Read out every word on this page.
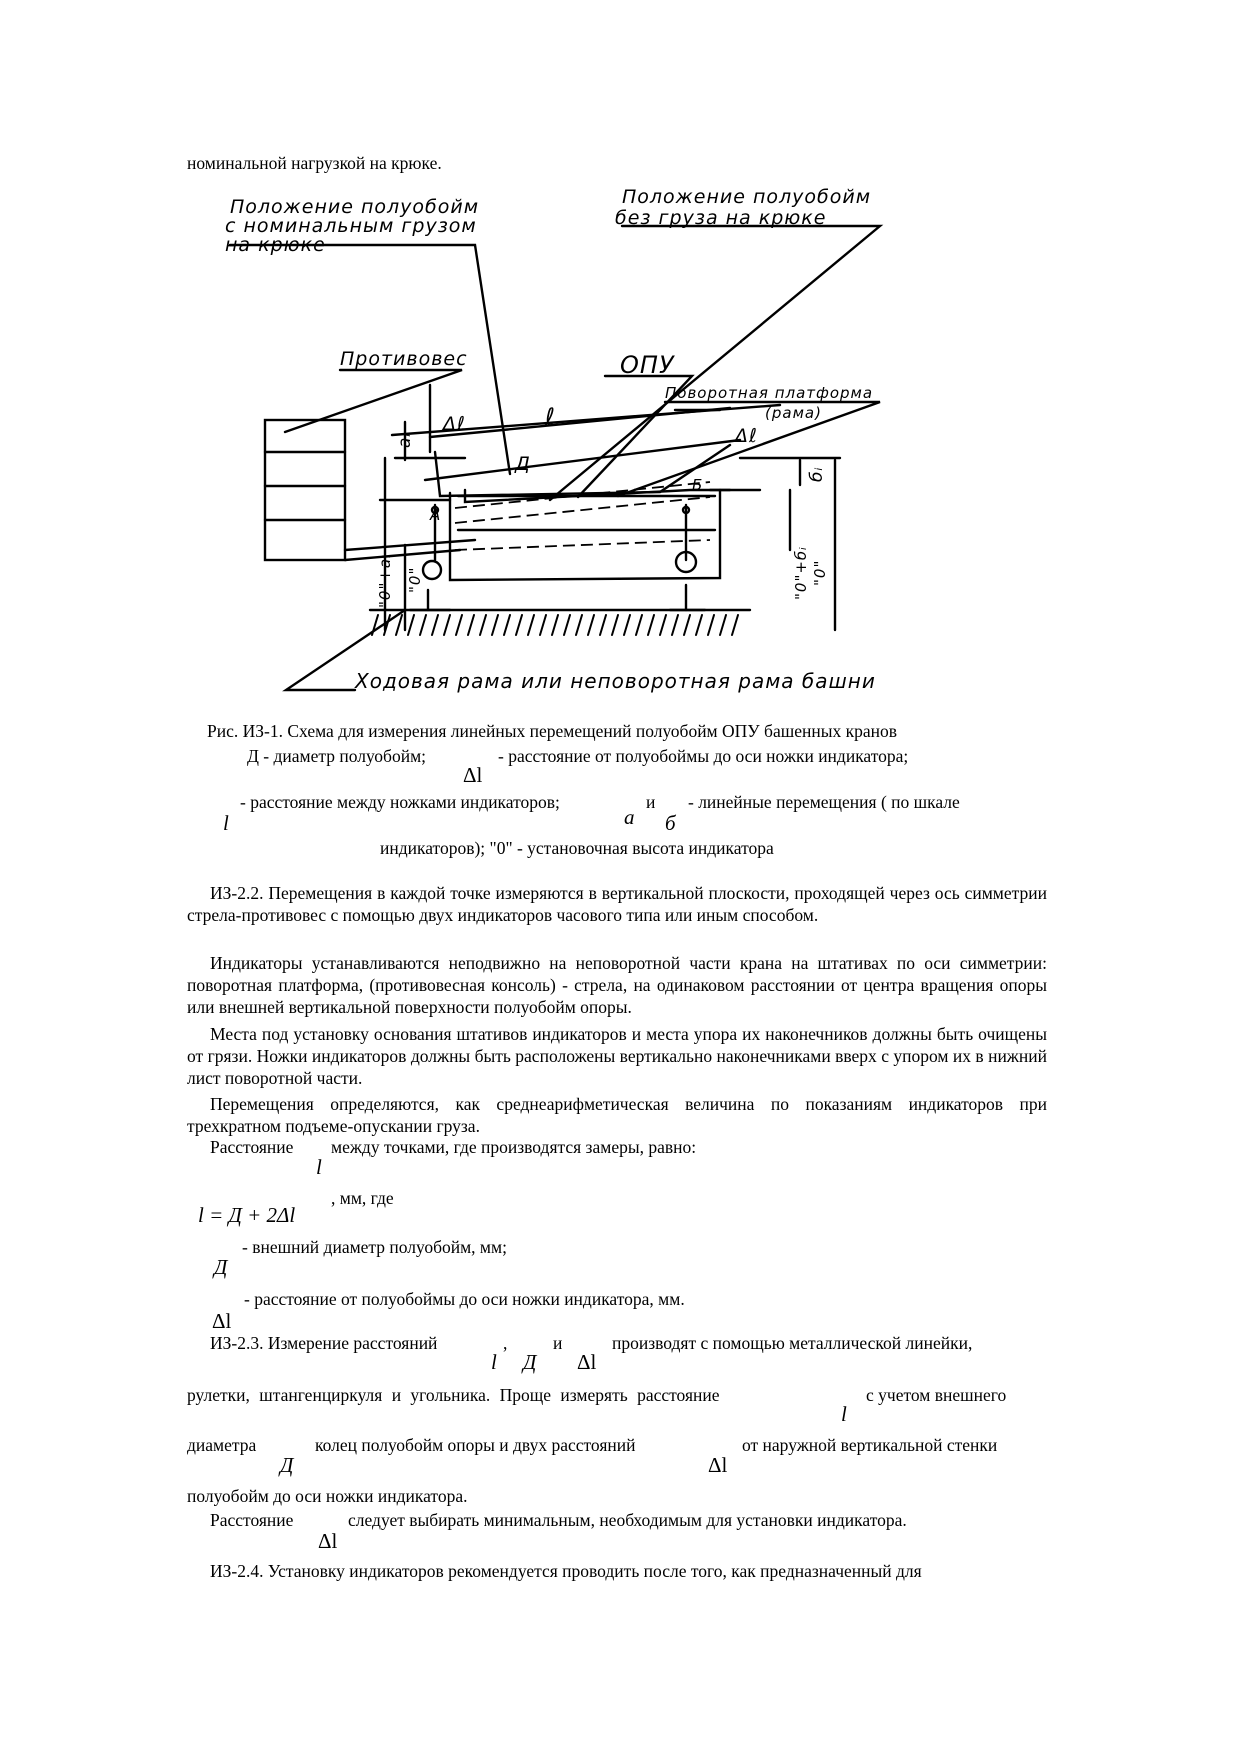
номинальной нагрузкой на крюке.
Положение полуобойм
с номинальным грузом
на крюке
Положение полуобойм
без груза на крюке
Противовес	ОПУ
Поворотная платформа
(рама)
Ходовая рама или неповоротная рама башни
Δℓ
Δℓ
ℓ
Д
А
Б
аᵢ
бᵢ
"0"	"0"
"0"+аᵢ	"0"+бᵢ
Рис. ИЗ-1. Схема для измерения линейных перемещений полуобойм ОПУ башенных кранов
Д - диаметр полуобойм;	- расстояние от полуобоймы до оси ножки индикатора;
Δl
- расстояние между ножками индикаторов;	и - линейные перемещения ( по шкале
l	a б
индикаторов); "0" - установочная высота индикатора
ИЗ-2.2. Перемещения в каждой точке измеряются в вертикальной плоскости, проходящей через ось симметрии стрела-противовес с помощью двух индикаторов часового типа или иным способом.
Индикаторы устанавливаются неподвижно на неповоротной части крана на штативах по оси симметрии: поворотная платформа, (противовесная консоль) - стрела, на одинаковом расстоянии от центра вращения опоры или внешней вертикальной поверхности полуобойм опоры.
Места под установку основания штативов индикаторов и места упора их наконечников должны быть очищены от грязи. Ножки индикаторов должны быть расположены вертикально наконечниками вверх с упором их в нижний лист поворотной части.
Перемещения определяются, как среднеарифметическая величина по показаниям индикаторов при трехкратном подъеме-опускании груза.
Расстояние между точками, где производятся замеры, равно:
l
l = Д + 2Δl
, мм, где
- внешний диаметр полуобойм, мм;
Д
- расстояние от полуобоймы до оси ножки индикатора, мм.
Δl
ИЗ-2.3. Измерение расстояний	,	и	производят с помощью металлической линейки,
l Д Δl
рулетки, штангенциркуля и угольника. Проще измерять расстояние	с учетом внешнего
l
диаметра	колец полуобойм опоры и двух расстояний	от наружной вертикальной стенки
Д	Δl
полуобойм до оси ножки индикатора.
Расстояние	следует выбирать минимальным, необходимым для установки индикатора.
Δl
ИЗ-2.4. Установку индикаторов рекомендуется проводить после того, как предназначенный для
